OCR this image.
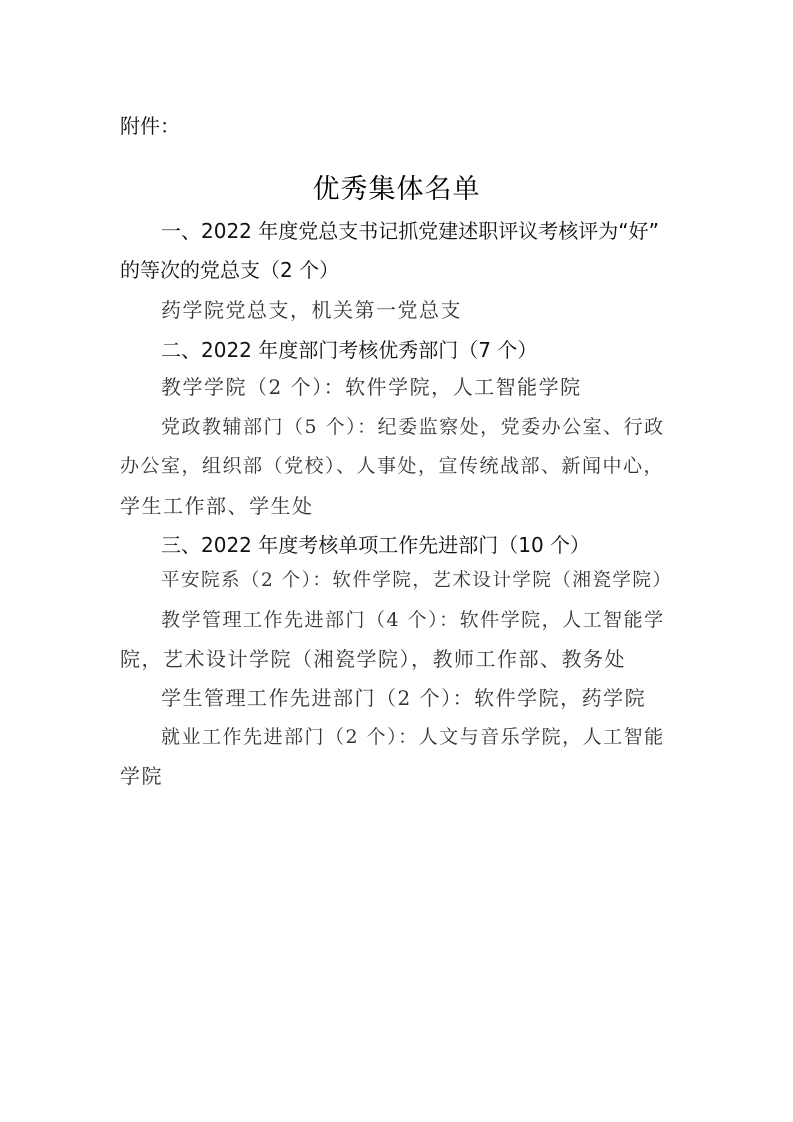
附件：
优秀集体名单
一、2022 年度党总支书记抓党建述职评议考核评为“好”
的等次的党总支（2 个）
药学院党总支，机关第一党总支
二、2022 年度部门考核优秀部门（7 个）
教学学院（2 个）：软件学院，人工智能学院
党政教辅部门（5 个）：纪委监察处，党委办公室、行政
办公室，组织部（党校）、人事处，宣传统战部、新闻中心，
学生工作部、学生处
三、2022 年度考核单项工作先进部门（10 个）
平安院系（2 个）：软件学院，艺术设计学院（湘瓷学院）
教学管理工作先进部门（4 个）：软件学院，人工智能学
院，艺术设计学院（湘瓷学院），教师工作部、教务处
学生管理工作先进部门（2 个）：软件学院，药学院
就业工作先进部门（2 个）：人文与音乐学院，人工智能
学院
